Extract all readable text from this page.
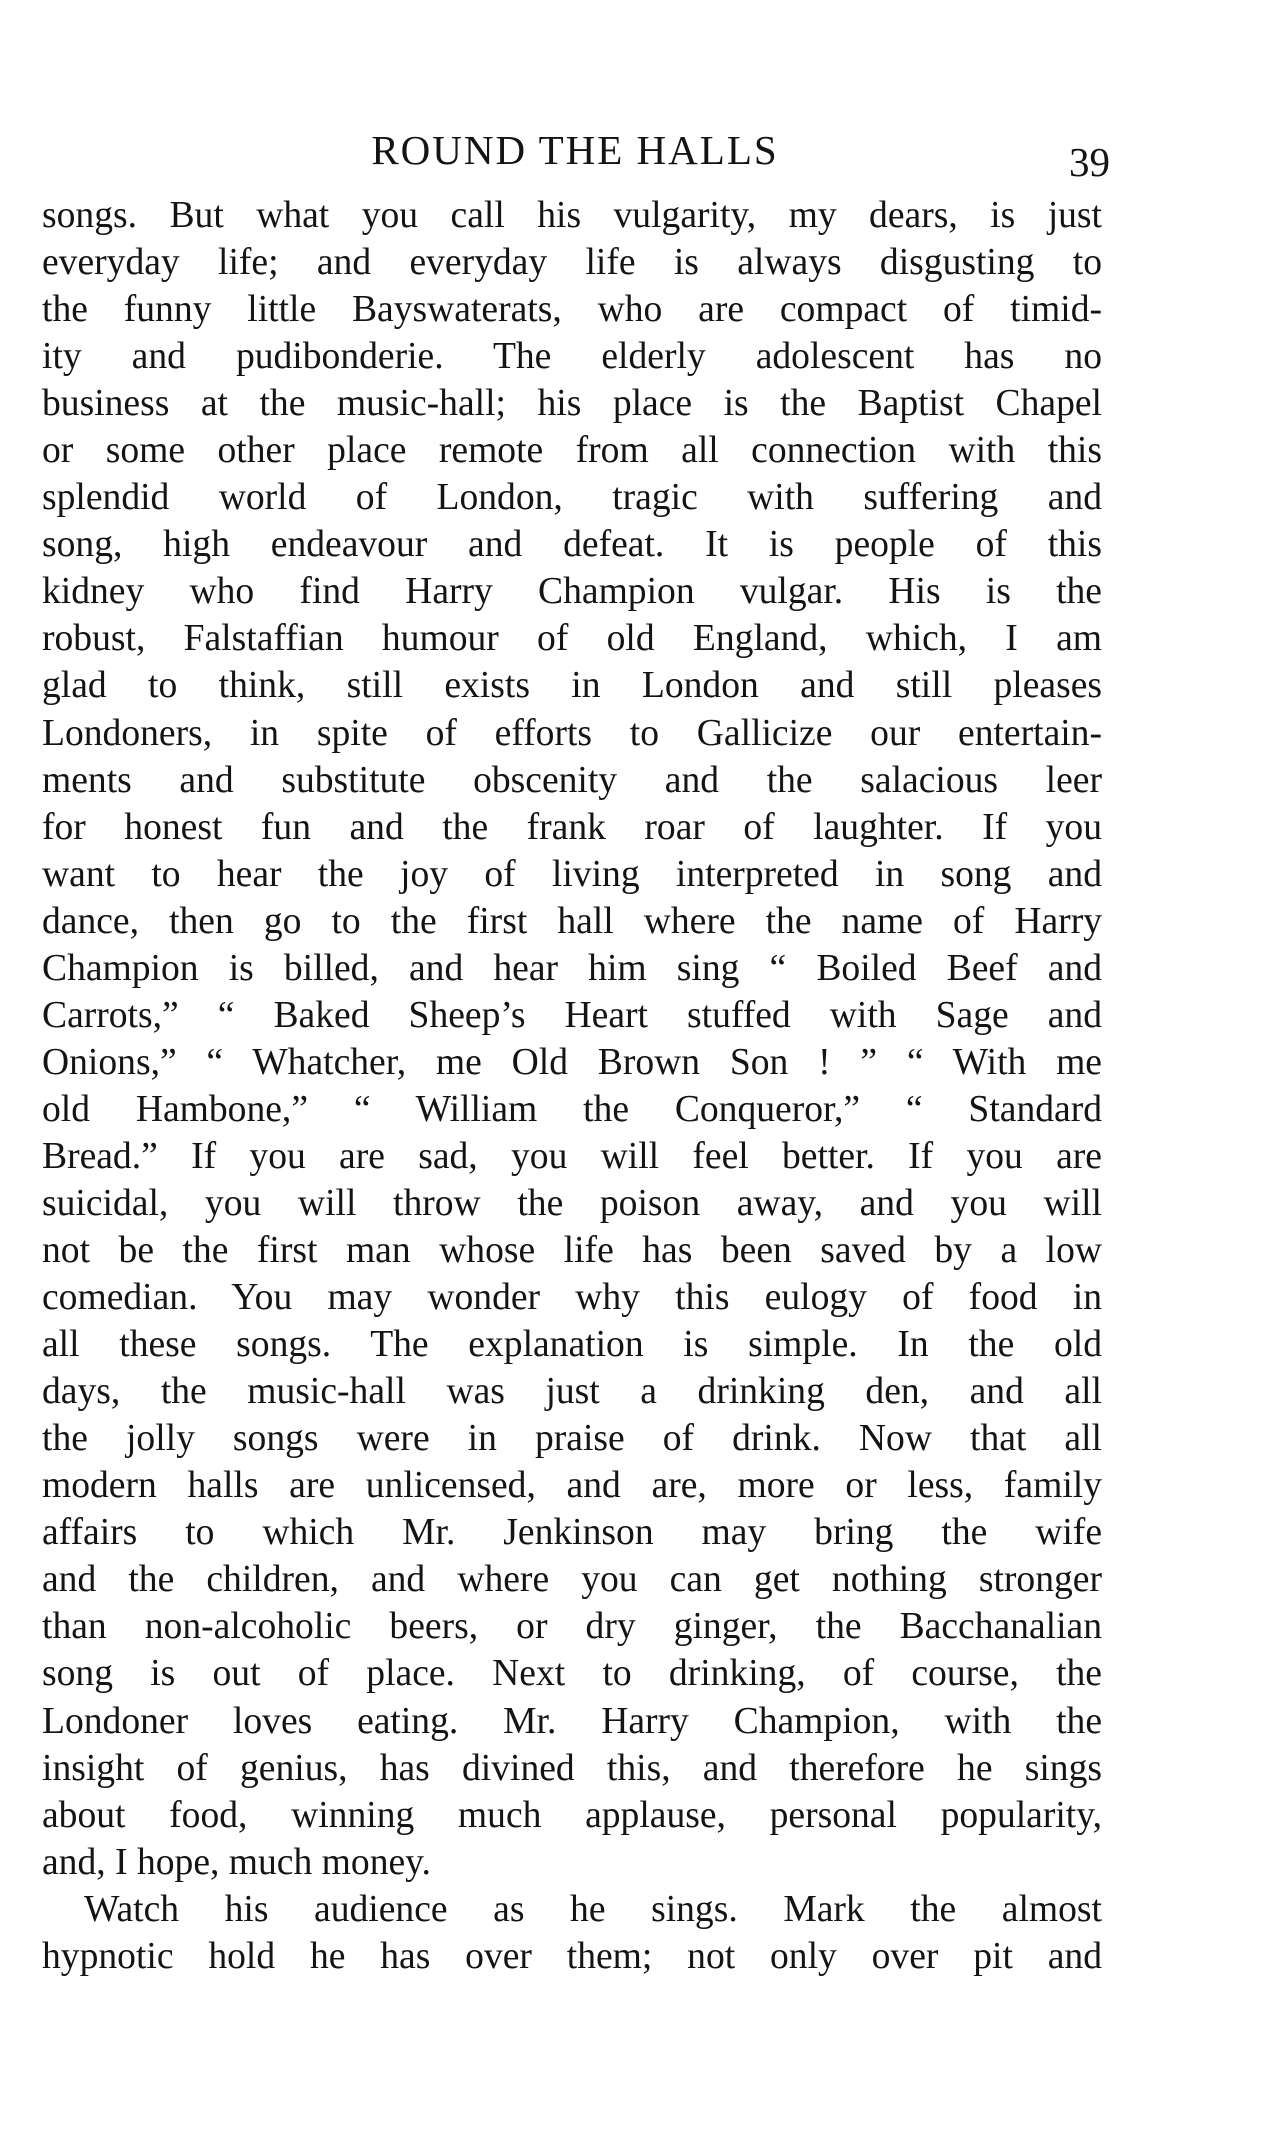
ROUND THE HALLS	39
songs. But what you call his vulgarity, my dears, is just
everyday life; and everyday life is always disgusting to
the funny little Bayswaterats, who are compact of timid-
ity and pudibonderie. The elderly adolescent has no
business at the music-hall; his place is the Baptist Chapel
or some other place remote from all connection with this
splendid world of London, tragic with suffering and
song, high endeavour and defeat. It is people of this
kidney who find Harry Champion vulgar. His is the
robust, Falstaffian humour of old England, which, I am
glad to think, still exists in London and still pleases
Londoners, in spite of efforts to Gallicize our entertain-
ments and substitute obscenity and the salacious leer
for honest fun and the frank roar of laughter. If you
want to hear the joy of living interpreted in song and
dance, then go to the first hall where the name of Harry
Champion is billed, and hear him sing “ Boiled Beef and
Carrots,” “ Baked Sheep’s Heart stuffed with Sage and
Onions,” “ Whatcher, me Old Brown Son ! ” “ With me
old Hambone,” “ William the Conqueror,” “ Standard
Bread.” If you are sad, you will feel better. If you are
suicidal, you will throw the poison away, and you will
not be the first man whose life has been saved by a low
comedian. You may wonder why this eulogy of food in
all these songs. The explanation is simple. In the old
days, the music-hall was just a drinking den, and all
the jolly songs were in praise of drink. Now that all
modern halls are unlicensed, and are, more or less, family
affairs to which Mr. Jenkinson may bring the wife
and the children, and where you can get nothing stronger
than non-alcoholic beers, or dry ginger, the Bacchanalian
song is out of place. Next to drinking, of course, the
Londoner loves eating. Mr. Harry Champion, with the
insight of genius, has divined this, and therefore he sings
about food, winning much applause, personal popularity,
and, I hope, much money.
Watch his audience as he sings. Mark the almost
hypnotic hold he has over them; not only over pit and
